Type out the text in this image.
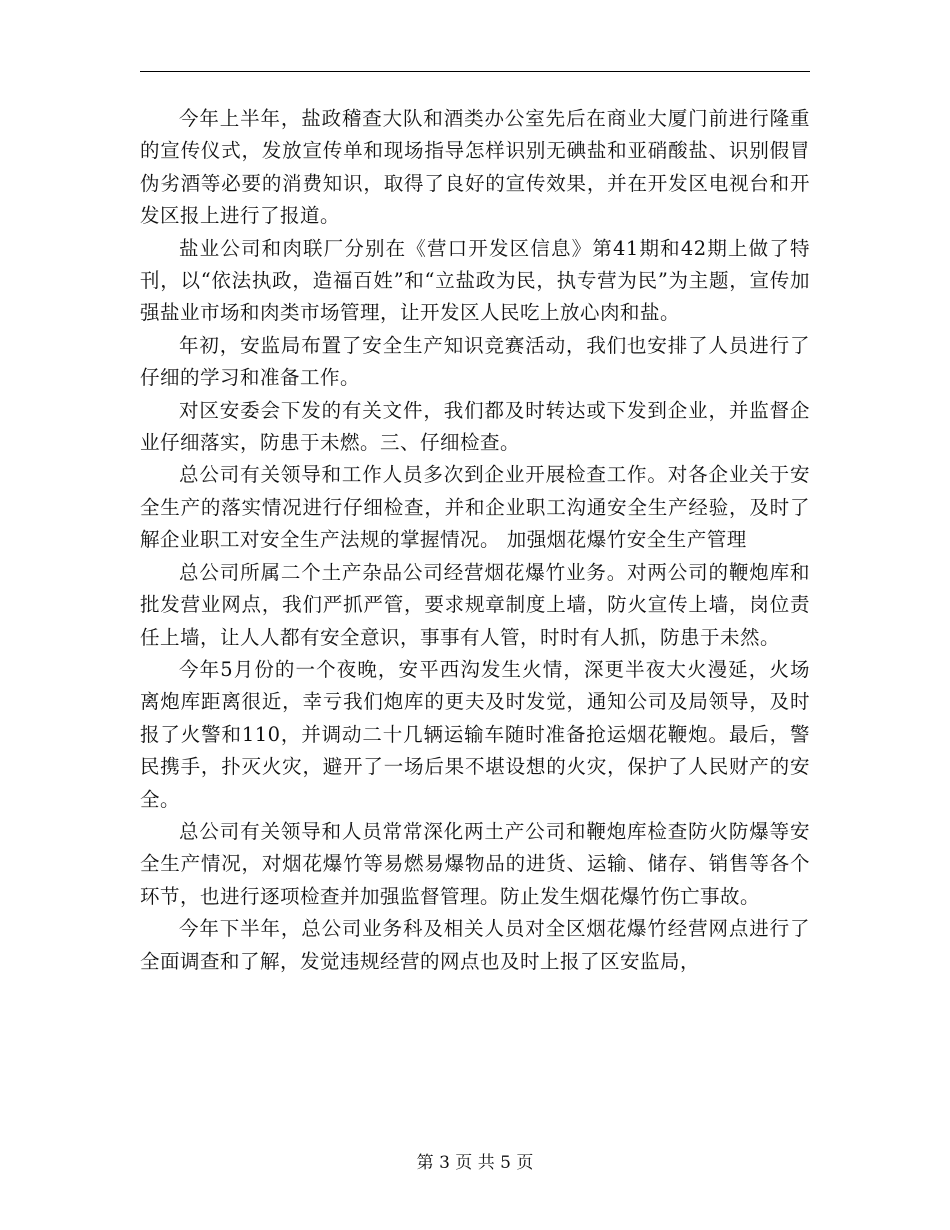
今年上半年，盐政稽查大队和酒类办公室先后在商业大厦门前进行隆重的宣传仪式，发放宣传单和现场指导怎样识别无碘盐和亚硝酸盐、识别假冒伪劣酒等必要的消费知识，取得了良好的宣传效果，并在开发区电视台和开发区报上进行了报道。

盐业公司和肉联厂分别在《营口开发区信息》第41期和42期上做了特刊，以“依法执政，造福百姓”和“立盐政为民，执专营为民”为主题，宣传加强盐业市场和肉类市场管理，让开发区人民吃上放心肉和盐。

年初，安监局布置了安全生产知识竞赛活动，我们也安排了人员进行了仔细的学习和准备工作。

对区安委会下发的有关文件，我们都及时转达或下发到企业，并监督企业仔细落实，防患于未燃。三、仔细检查。

总公司有关领导和工作人员多次到企业开展检查工作。对各企业关于安全生产的落实情况进行仔细检查，并和企业职工沟通安全生产经验，及时了解企业职工对安全生产法规的掌握情况。 加强烟花爆竹安全生产管理

总公司所属二个土产杂品公司经营烟花爆竹业务。对两公司的鞭炮库和批发营业网点，我们严抓严管，要求规章制度上墙，防火宣传上墙，岗位责任上墙，让人人都有安全意识，事事有人管，时时有人抓，防患于未然。

今年5月份的一个夜晚，安平西沟发生火情，深更半夜大火漫延，火场离炮库距离很近，幸亏我们炮库的更夫及时发觉，通知公司及局领导，及时报了火警和110，并调动二十几辆运输车随时准备抢运烟花鞭炮。最后，警民携手，扑灭火灾，避开了一场后果不堪设想的火灾，保护了人民财产的安全。

总公司有关领导和人员常常深化两土产公司和鞭炮库检查防火防爆等安全生产情况，对烟花爆竹等易燃易爆物品的进货、运输、储存、销售等各个环节，也进行逐项检查并加强监督管理。防止发生烟花爆竹伤亡事故。

今年下半年，总公司业务科及相关人员对全区烟花爆竹经营网点进行了全面调查和了解，发觉违规经营的网点也及时上报了区安监局，

第 3 页 共 5 页
